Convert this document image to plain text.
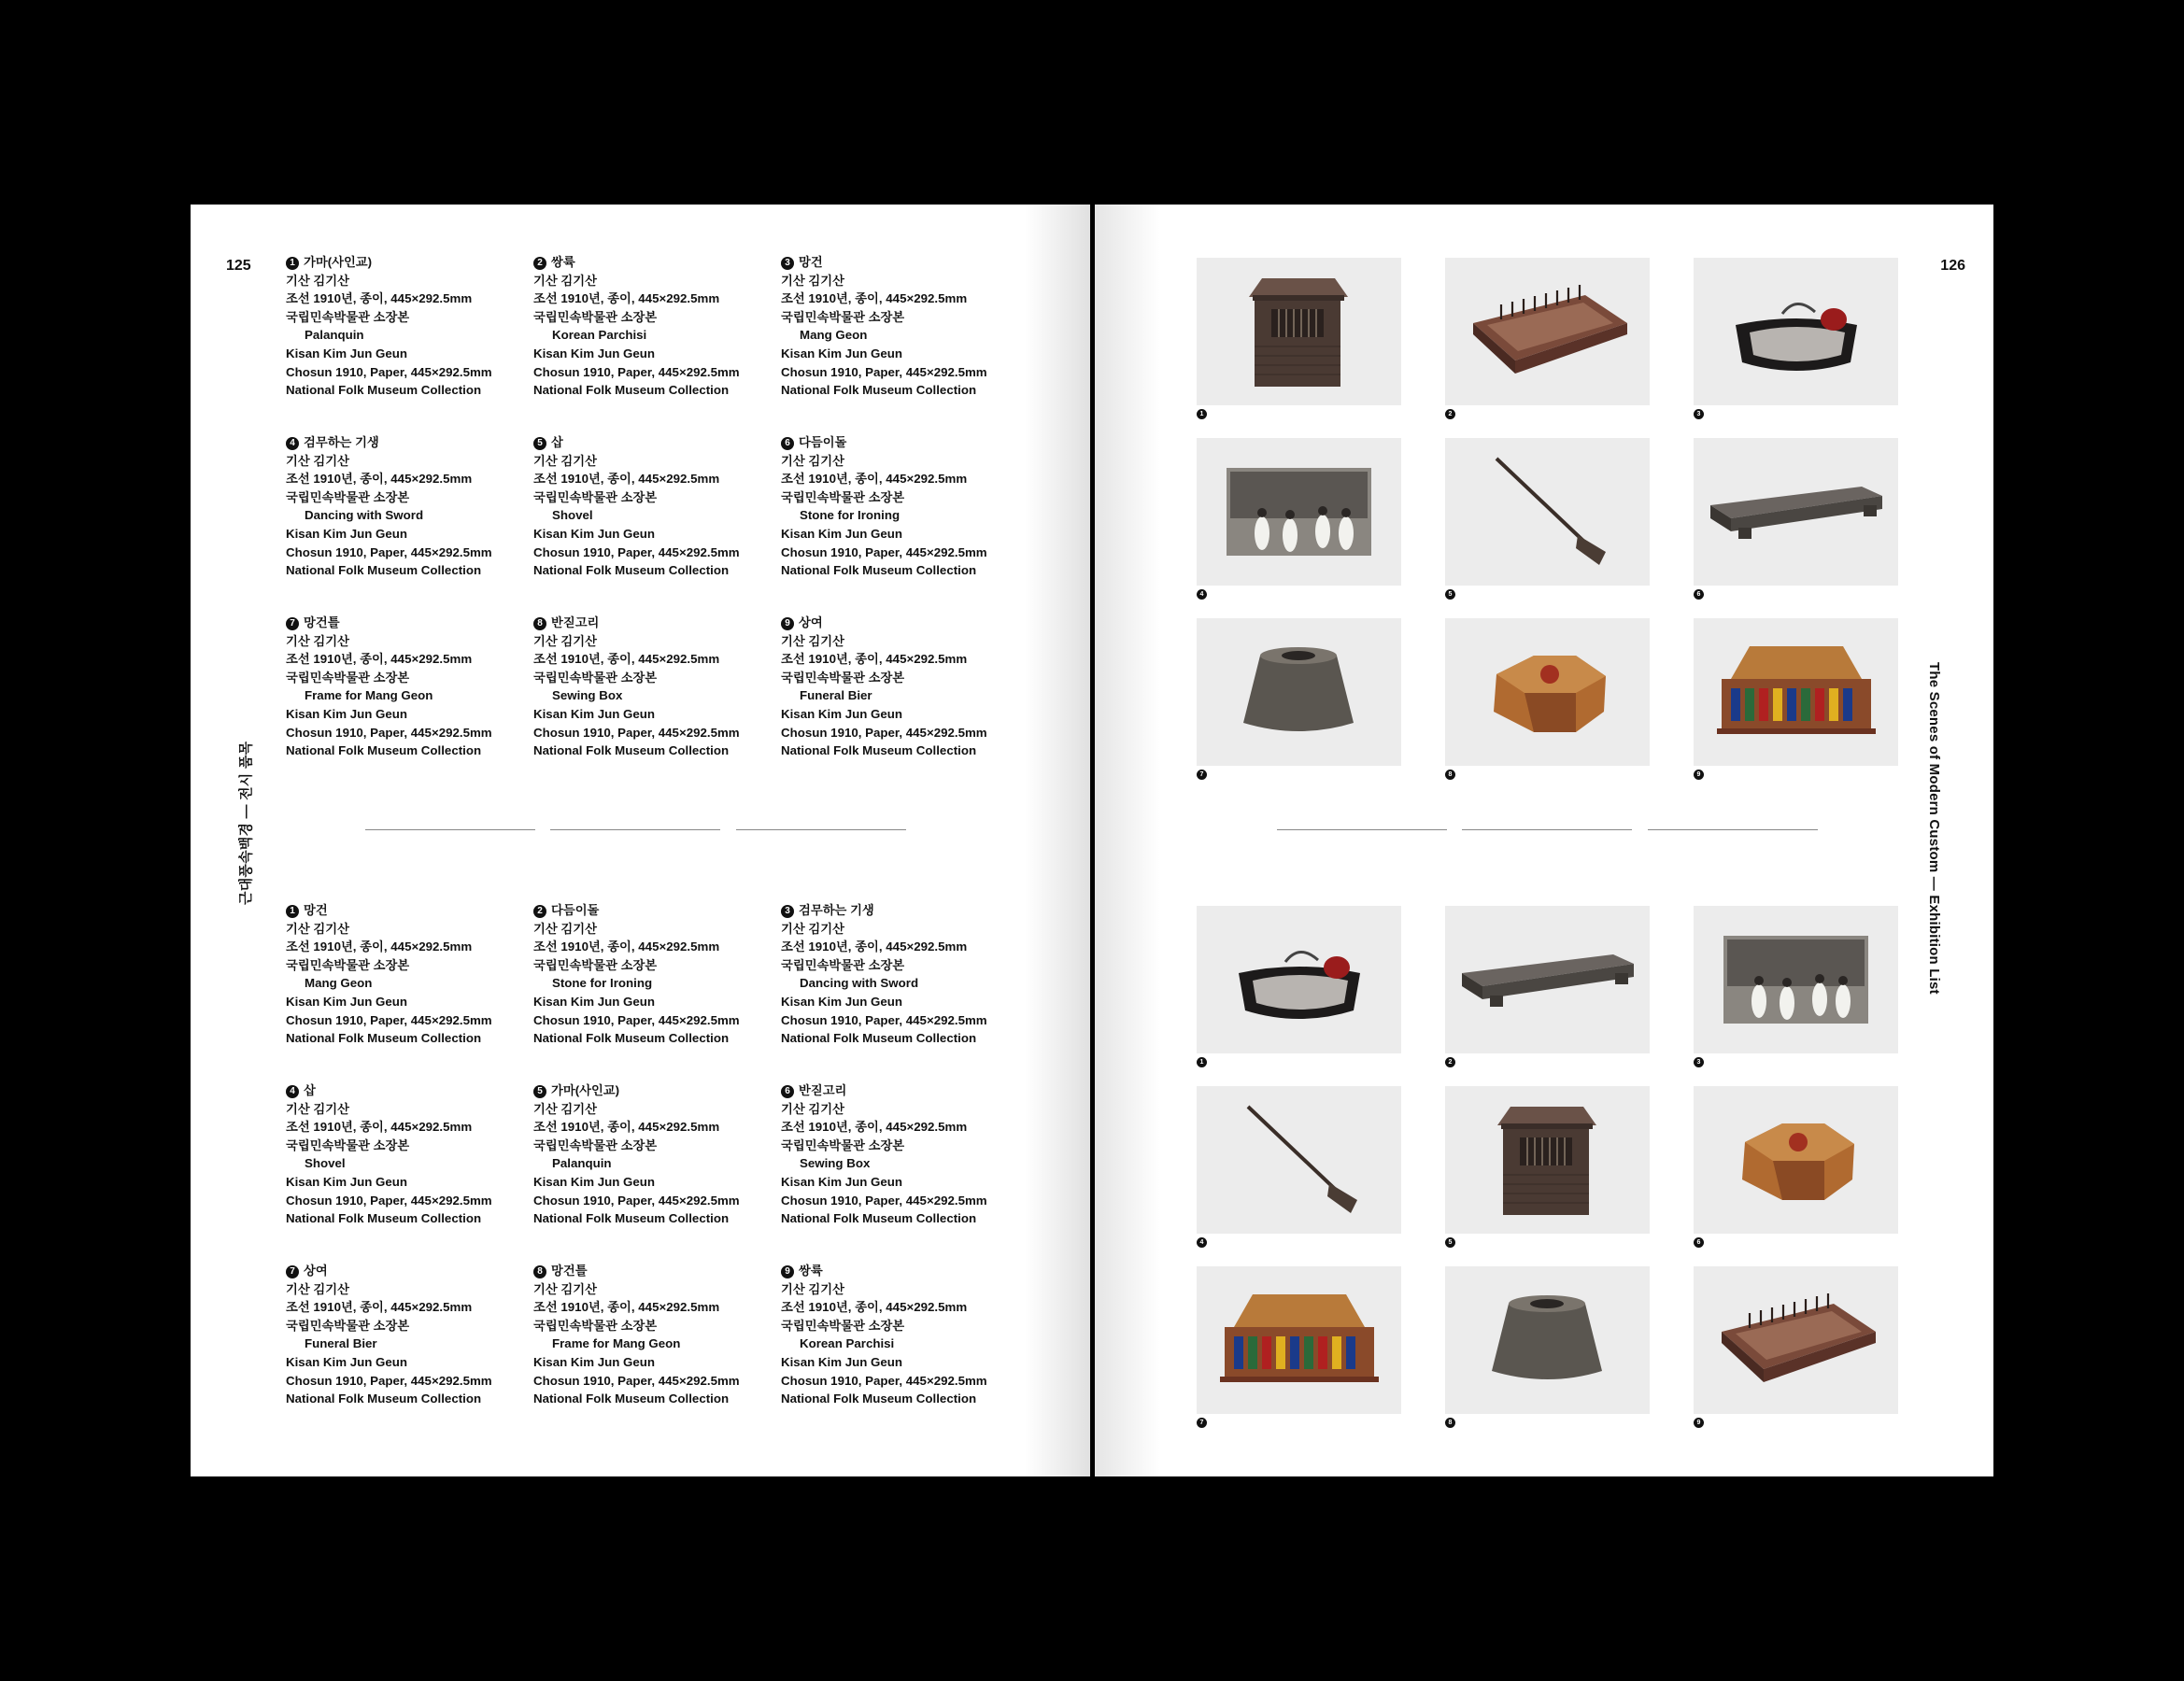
125
근대풍속백경 — 전시 품목
1 가마(사인교)
기산 김기산
조선 1910년, 종이, 445×292.5mm
국립민속박물관 소장본
Palanquin
Kisan Kim Jun Geun
Chosun 1910, Paper, 445×292.5mm
National Folk Museum Collection
2 쌍륙
기산 김기산
조선 1910년, 종이, 445×292.5mm
국립민속박물관 소장본
Korean Parchisi
Kisan Kim Jun Geun
Chosun 1910, Paper, 445×292.5mm
National Folk Museum Collection
3 망건
기산 김기산
조선 1910년, 종이, 445×292.5mm
국립민속박물관 소장본
Mang Geon
Kisan Kim Jun Geun
Chosun 1910, Paper, 445×292.5mm
National Folk Museum Collection
4 검무하는 기생
기산 김기산
조선 1910년, 종이, 445×292.5mm
국립민속박물관 소장본
Dancing with Sword
Kisan Kim Jun Geun
Chosun 1910, Paper, 445×292.5mm
National Folk Museum Collection
5 삽
기산 김기산
조선 1910년, 종이, 445×292.5mm
국립민속박물관 소장본
Shovel
Kisan Kim Jun Geun
Chosun 1910, Paper, 445×292.5mm
National Folk Museum Collection
6 다듬이돌
기산 김기산
조선 1910년, 종이, 445×292.5mm
국립민속박물관 소장본
Stone for Ironing
Kisan Kim Jun Geun
Chosun 1910, Paper, 445×292.5mm
National Folk Museum Collection
7 망건틀
기산 김기산
조선 1910년, 종이, 445×292.5mm
국립민속박물관 소장본
Frame for Mang Geon
Kisan Kim Jun Geun
Chosun 1910, Paper, 445×292.5mm
National Folk Museum Collection
8 반짇고리
기산 김기산
조선 1910년, 종이, 445×292.5mm
국립민속박물관 소장본
Sewing Box
Kisan Kim Jun Geun
Chosun 1910, Paper, 445×292.5mm
National Folk Museum Collection
9 상여
기산 김기산
조선 1910년, 종이, 445×292.5mm
국립민속박물관 소장본
Funeral Bier
Kisan Kim Jun Geun
Chosun 1910, Paper, 445×292.5mm
National Folk Museum Collection
1 망건
기산 김기산
조선 1910년, 종이, 445×292.5mm
국립민속박물관 소장본
Mang Geon
Kisan Kim Jun Geun
Chosun 1910, Paper, 445×292.5mm
National Folk Museum Collection
2 다듬이돌
기산 김기산
조선 1910년, 종이, 445×292.5mm
국립민속박물관 소장본
Stone for Ironing
Kisan Kim Jun Geun
Chosun 1910, Paper, 445×292.5mm
National Folk Museum Collection
3 검무하는 기생
기산 김기산
조선 1910년, 종이, 445×292.5mm
국립민속박물관 소장본
Dancing with Sword
Kisan Kim Jun Geun
Chosun 1910, Paper, 445×292.5mm
National Folk Museum Collection
4 삽
기산 김기산
조선 1910년, 종이, 445×292.5mm
국립민속박물관 소장본
Shovel
Kisan Kim Jun Geun
Chosun 1910, Paper, 445×292.5mm
National Folk Museum Collection
5 가마(사인교)
기산 김기산
조선 1910년, 종이, 445×292.5mm
국립민속박물관 소장본
Palanquin
Kisan Kim Jun Geun
Chosun 1910, Paper, 445×292.5mm
National Folk Museum Collection
6 반짇고리
기산 김기산
조선 1910년, 종이, 445×292.5mm
국립민속박물관 소장본
Sewing Box
Kisan Kim Jun Geun
Chosun 1910, Paper, 445×292.5mm
National Folk Museum Collection
7 상여
기산 김기산
조선 1910년, 종이, 445×292.5mm
국립민속박물관 소장본
Funeral Bier
Kisan Kim Jun Geun
Chosun 1910, Paper, 445×292.5mm
National Folk Museum Collection
8 망건틀
기산 김기산
조선 1910년, 종이, 445×292.5mm
국립민속박물관 소장본
Frame for Mang Geon
Kisan Kim Jun Geun
Chosun 1910, Paper, 445×292.5mm
National Folk Museum Collection
9 쌍륙
기산 김기산
조선 1910년, 종이, 445×292.5mm
국립민속박물관 소장본
Korean Parchisi
Kisan Kim Jun Geun
Chosun 1910, Paper, 445×292.5mm
National Folk Museum Collection
126
The Scenes of Modern Custom — Exhibition List
1	2	3
4	5	6
7	8	9
1	2	3
4	5	6
7	8	9
